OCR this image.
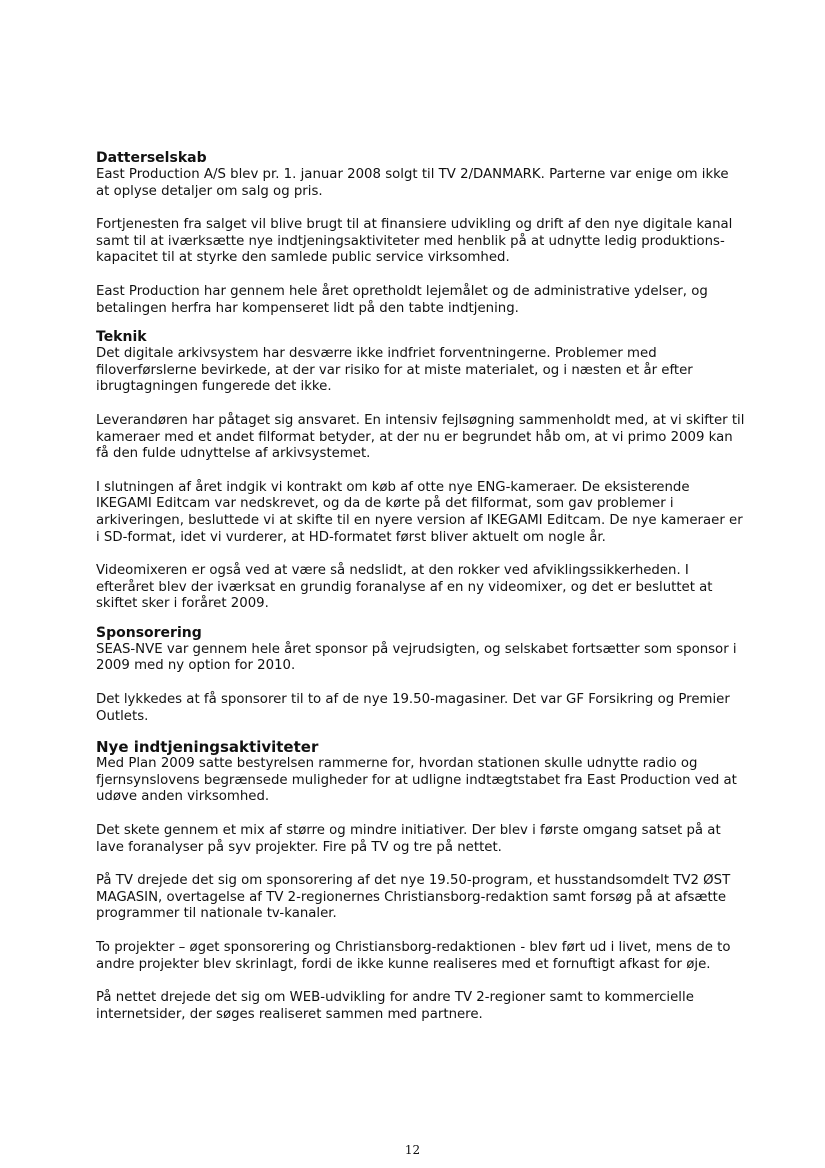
Datterselskab

East Production A/S blev pr. 1. januar 2008 solgt til TV 2/DANMARK. Parterne var enige om ikke at oplyse detaljer om salg og pris.

Fortjenesten fra salget vil blive brugt til at finansiere udvikling og drift af den nye digitale kanal samt til at iværksætte nye indtjeningsaktiviteter med henblik på at udnytte ledig produktions-kapacitet til at styrke den samlede public service virksomhed.

East Production har gennem hele året opretholdt lejemålet og de administrative ydelser, og betalingen herfra har kompenseret lidt på den tabte indtjening.

Teknik

Det digitale arkivsystem har desværre ikke indfriet forventningerne. Problemer med filoverførslerne bevirkede, at der var risiko for at miste materialet, og i næsten et år efter ibrugtagningen fungerede det ikke.

Leverandøren har påtaget sig ansvaret. En intensiv fejlsøgning sammenholdt med, at vi skifter til kameraer med et andet filformat betyder, at der nu er begrundet håb om, at vi primo 2009 kan få den fulde udnyttelse af arkivsystemet.

I slutningen af året indgik vi kontrakt om køb af otte nye ENG-kameraer. De eksisterende IKEGAMI Editcam var nedskrevet, og da de kørte på det filformat, som gav problemer i arkiveringen, besluttede vi at skifte til en nyere version af IKEGAMI Editcam. De nye kameraer er i SD-format, idet vi vurderer, at HD-formatet først bliver aktuelt om nogle år.

Videomixeren er også ved at være så nedslidt, at den rokker ved afviklingssikkerheden. I efteråret blev der iværksat en grundig foranalyse af en ny videomixer, og det er besluttet at skiftet sker i foråret 2009.

Sponsorering

SEAS-NVE var gennem hele året sponsor på vejrudsigten, og selskabet fortsætter som sponsor i 2009 med ny option for 2010.

Det lykkedes at få sponsorer til to af de nye 19.50-magasiner. Det var GF Forsikring og Premier Outlets.

Nye indtjeningsaktiviteter

Med Plan 2009 satte bestyrelsen rammerne for, hvordan stationen skulle udnytte radio og fjernsynslovens begrænsede muligheder for at udligne indtægtstabet fra East Production ved at udøve anden virksomhed.

Det skete gennem et mix af større og mindre initiativer. Der blev i første omgang satset på at lave foranalyser på syv projekter. Fire på TV og tre på nettet.

På TV drejede det sig om sponsorering af det nye 19.50-program, et husstandsomdelt TV2 ØST MAGASIN, overtagelse af TV 2-regionernes Christiansborg-redaktion samt forsøg på at afsætte programmer til nationale tv-kanaler.

To projekter – øget sponsorering og Christiansborg-redaktionen - blev ført ud i livet, mens de to andre projekter blev skrinlagt, fordi de ikke kunne realiseres med et fornuftigt afkast for øje.

På nettet drejede det sig om WEB-udvikling for andre TV 2-regioner samt to kommercielle internetsider, der søges realiseret sammen med partnere.

12
